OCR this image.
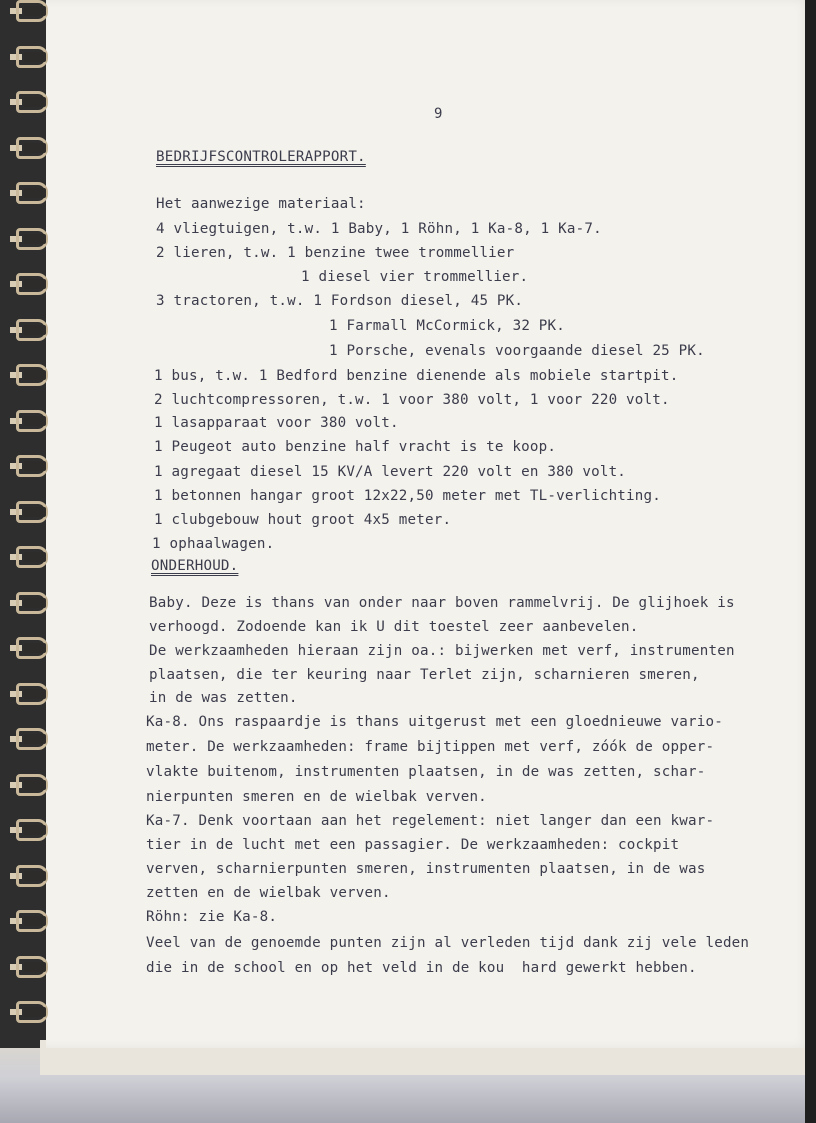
9
BEDRIJFSCONTROLERAPPORT.
Het aanwezige materiaal:
4 vliegtuigen, t.w. 1 Baby, 1 Röhn, 1 Ka-8, 1 Ka-7.
2 lieren, t.w. 1 benzine twee trommellier
1 diesel vier trommellier.
3 tractoren, t.w. 1 Fordson diesel, 45 PK.
1 Farmall McCormick, 32 PK.
1 Porsche, evenals voorgaande diesel 25 PK.
1 bus, t.w. 1 Bedford benzine dienende als mobiele startpit.
2 luchtcompressoren, t.w. 1 voor 380 volt, 1 voor 220 volt.
1 lasapparaat voor 380 volt.
1 Peugeot auto benzine half vracht is te koop.
1 agregaat diesel 15 KV/A levert 220 volt en 380 volt.
1 betonnen hangar groot 12x22,50 meter met TL-verlichting.
1 clubgebouw hout groot 4x5 meter.
1 ophaalwagen.
ONDERHOUD.
Baby. Deze is thans van onder naar boven rammelvrij. De glijhoek is
verhoogd. Zodoende kan ik U dit toestel zeer aanbevelen.
De werkzaamheden hieraan zijn oa.: bijwerken met verf, instrumenten
plaatsen, die ter keuring naar Terlet zijn, scharnieren smeren,
in de was zetten.
Ka-8. Ons raspaardje is thans uitgerust met een gloednieuwe vario-
meter. De werkzaamheden: frame bijtippen met verf, zóók de opper-
vlakte buitenom, instrumenten plaatsen, in de was zetten, schar-
nierpunten smeren en de wielbak verven.
Ka-7. Denk voortaan aan het regelement: niet langer dan een kwar-
tier in de lucht met een passagier. De werkzaamheden: cockpit
verven, scharnierpunten smeren, instrumenten plaatsen, in de was
zetten en de wielbak verven.
Röhn: zie Ka-8.
Veel van de genoemde punten zijn al verleden tijd dank zij vele leden
die in de school en op het veld in de kou  hard gewerkt hebben.
